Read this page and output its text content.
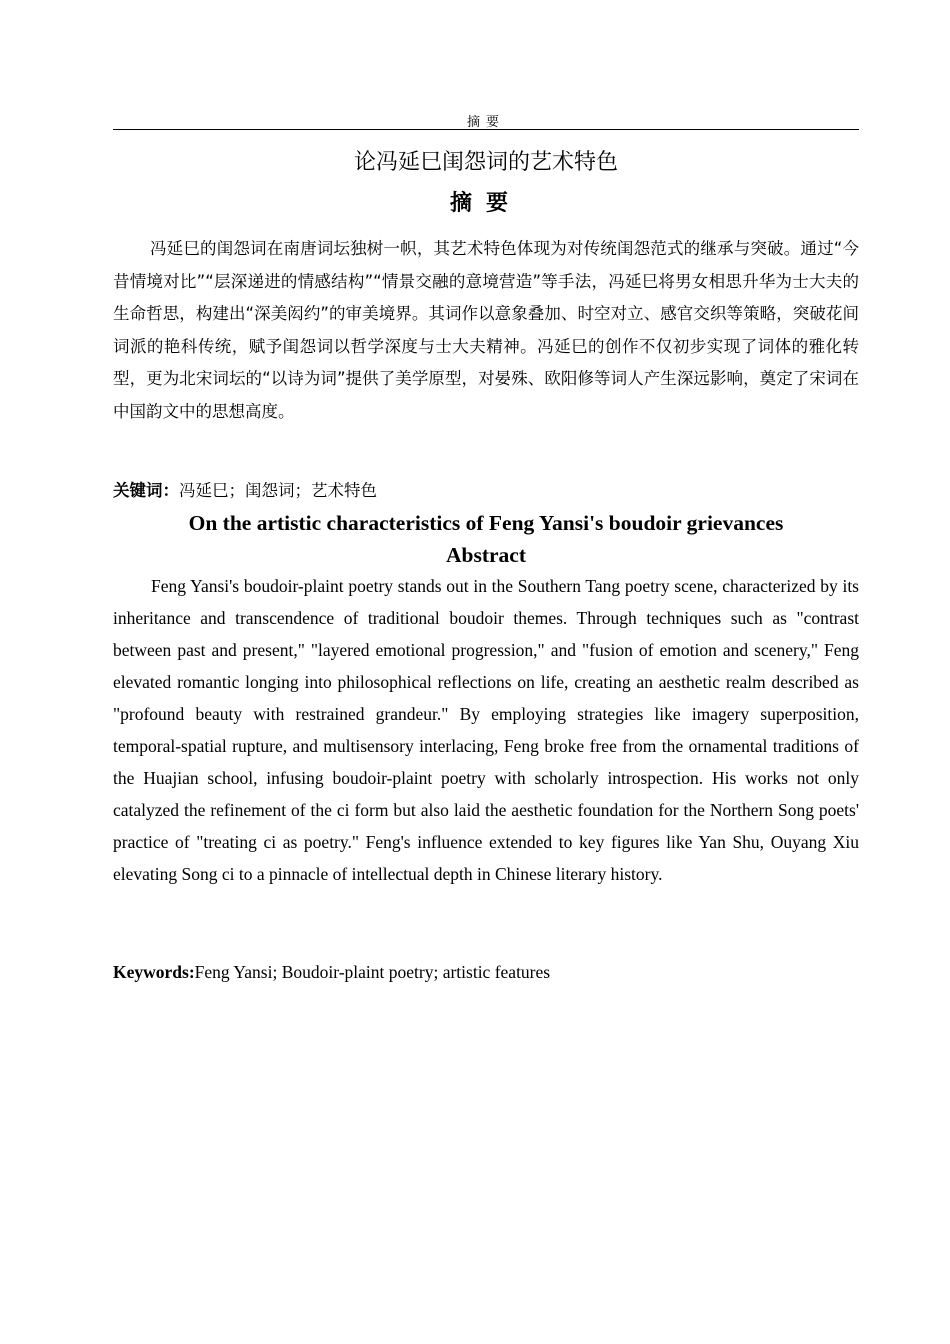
摘要
论冯延巳闺怨词的艺术特色
摘要

冯延巳的闺怨词在南唐词坛独树一帜，其艺术特色体现为对传统闺怨范式的继承与突破。通过“今昔情境对比”“层深递进的情感结构”“情景交融的意境营造”等手法，冯延巳将男女相思升华为士大夫的生命哲思，构建出“深美闳约”的审美境界。其词作以意象叠加、时空对立、感官交织等策略，突破花间词派的艳科传统，赋予闺怨词以哲学深度与士大夫精神。冯延巳的创作不仅初步实现了词体的雅化转型，更为北宋词坛的“以诗为词”提供了美学原型，对晏殊、欧阳修等词人产生深远影响，奠定了宋词在中国韵文中的思想高度。

关键词：冯延巳；闺怨词；艺术特色
On the artistic characteristics of Feng Yansi's boudoir grievances
Abstract

Feng Yansi's boudoir-plaint poetry stands out in the Southern Tang poetry scene, characterized by its inheritance and transcendence of traditional boudoir themes. Through techniques such as "contrast between past and present," "layered emotional progression," and "fusion of emotion and scenery," Feng elevated romantic longing into philosophical reflections on life, creating an aesthetic realm described as "profound beauty with restrained grandeur." By employing strategies like imagery superposition, temporal-spatial rupture, and multisensory interlacing, Feng broke free from the ornamental traditions of the Huajian school, infusing boudoir-plaint poetry with scholarly introspection. His works not only catalyzed the refinement of the ci form but also laid the aesthetic foundation for the Northern Song poets' practice of "treating ci as poetry." Feng's influence extended to key figures like Yan Shu, Ouyang Xiu elevating Song ci to a pinnacle of intellectual depth in Chinese literary history.

Keywords:Feng Yansi; Boudoir-plaint poetry; artistic features
